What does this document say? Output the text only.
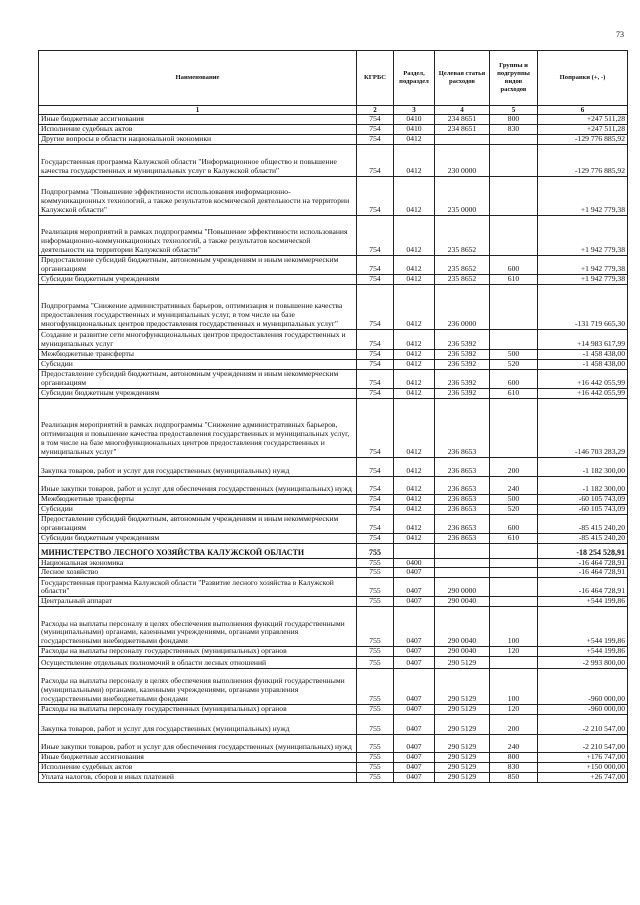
73
Наименование	КГРБС	Раздел, подраздел	Целевая статья расходов	Группы и подгруппы видов расходов	Поправки (+, -)
1	2	3	4	5	6
Иные бюджетные ассигнования	754	0410	234 8651	800	+247 511,28
Исполнение судебных актов	754	0410	234 8651	830	+247 511,28
Другие вопросы в области национальной экономики	754	0412			-129 776 885,92
Государственная программа Калужской области "Информационное общество и повышение качества государственных и муниципальных услуг в Калужской области"	754	0412	230 0000		-129 776 885,92
Подпрограмма "Повышение эффективности использования информационно-коммуникационных технологий, а также результатов космической деятельности на территории Калужской области"	754	0412	235 0000		+1 942 779,38
Реализация мероприятий в рамках подпрограммы "Повышение эффективности использования информационно-коммуникационных технологий, а также результатов космической деятельности на территории Калужской области"	754	0412	235 8652		+1 942 779,38
Предоставление субсидий бюджетным, автономным учреждениям и иным некоммерческим организациям	754	0412	235 8652	600	+1 942 779,38
Субсидии бюджетным учреждениям	754	0412	235 8652	610	+1 942 779,38
Подпрограмма "Снижение административных барьеров, оптимизация и повышение качества предоставления государственных и муниципальных услуг, в том числе на базе многофункциональных центров предоставления государственных и муниципальных услуг"	754	0412	236 0000		-131 719 665,30
Создание и развитие сети многофункциональных центров предоставления государственных и муниципальных услуг	754	0412	236 5392		+14 983 617,99
Межбюджетные трансферты	754	0412	236 5392	500	-1 458 438,00
Субсидии	754	0412	236 5392	520	-1 458 438,00
Предоставление субсидий бюджетным, автономным учреждениям и иным некоммерческим организациям	754	0412	236 5392	600	+16 442 055,99
Субсидии бюджетным учреждениям	754	0412	236 5392	610	+16 442 055,99
Реализация мероприятий в рамках подпрограммы "Снижение административных барьеров, оптимизация и повышение качества предоставления государственных и муниципальных услуг, в том числе на базе многофункциональных центров предоставления государственных и муниципальных услуг"	754	0412	236 8653		-146 703 283,29
Закупка товаров, работ и услуг для государственных (муниципальных) нужд	754	0412	236 8653	200	-1 182 300,00
Иные закупки товаров, работ и услуг для обеспечения государственных (муниципальных) нужд	754	0412	236 8653	240	-1 182 300,00
Межбюджетные трансферты	754	0412	236 8653	500	-60 105 743,09
Субсидии	754	0412	236 8653	520	-60 105 743,09
Предоставление субсидий бюджетным, автономным учреждениям и иным некоммерческим организациям	754	0412	236 8653	600	-85 415 240,20
Субсидии бюджетным учреждениям	754	0412	236 8653	610	-85 415 240,20
МИНИСТЕРСТВО ЛЕСНОГО ХОЗЯЙСТВА КАЛУЖСКОЙ ОБЛАСТИ	755				-18 254 528,91
Национальная экономика	755	0400			-16 464 728,91
Лесное хозяйство	755	0407			-16 464 728,91
Государственная программа Калужской области "Развитие лесного хозяйства в Калужской области"	755	0407	290 0000		-16 464 728,91
Центральный аппарат	755	0407	290 0040		+544 199,86
Расходы на выплаты персоналу в целях обеспечения выполнения функций государственными (муниципальными) органами, казенными учреждениями, органами управления государственными внебюджетными фондами	755	0407	290 0040	100	+544 199,86
Расходы на выплаты персоналу государственных (муниципальных) органов	755	0407	290 0040	120	+544 199,86
Осуществление отдельных полномочий в области лесных отношений	755	0407	290 5129		-2 993 800,00
Расходы на выплаты персоналу в целях обеспечения выполнения функций государственными (муниципальными) органами, казенными учреждениями, органами управления государственными внебюджетными фондами	755	0407	290 5129	100	-960 000,00
Расходы на выплаты персоналу государственных (муниципальных) органов	755	0407	290 5129	120	-960 000,00
Закупка товаров, работ и услуг для государственных (муниципальных) нужд	755	0407	290 5129	200	-2 210 547,00
Иные закупки товаров, работ и услуг для обеспечения государственных (муниципальных) нужд	755	0407	290 5129	240	-2 210 547,00
Иные бюджетные ассигнования	755	0407	290 5129	800	+176 747,00
Исполнение судебных актов	755	0407	290 5129	830	+150 000,00
Уплата налогов, сборов и иных платежей	755	0407	290 5129	850	+26 747,00
